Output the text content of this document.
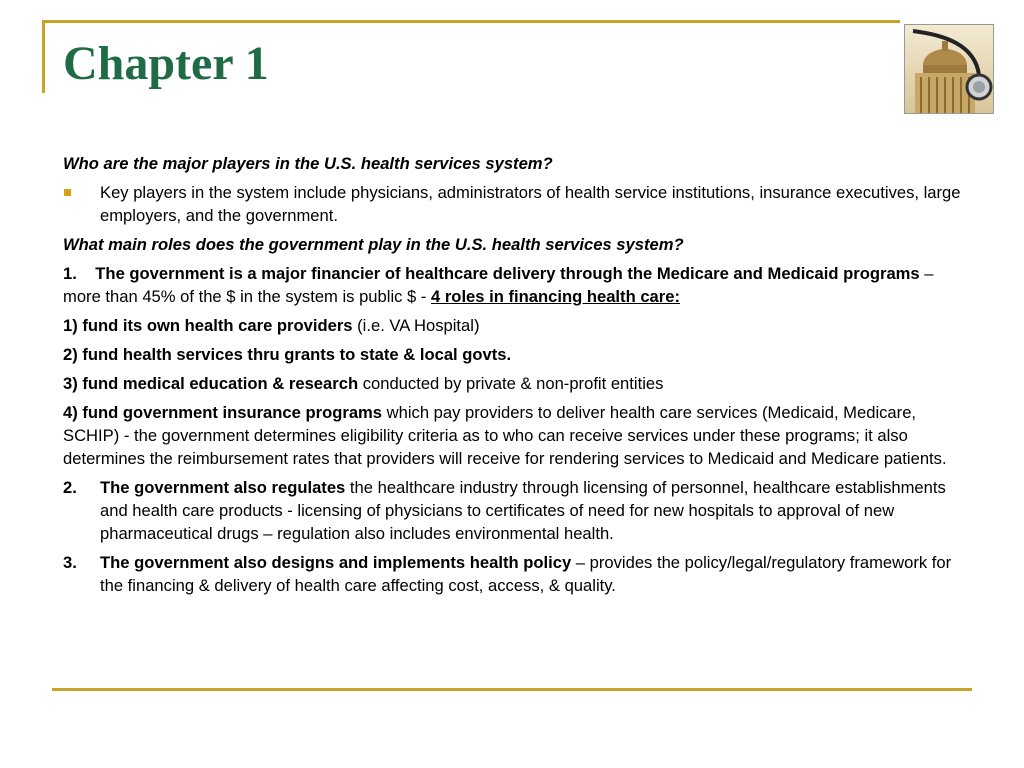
Chapter 1

Who are the major players in the U.S. health services system?

Key players in the system include physicians, administrators of health service institutions, insurance executives, large employers, and the government.

What main roles does the government play in the U.S. health services system?

1. The government is a major financier of healthcare delivery through the Medicare and Medicaid programs – more than 45% of the $ in the system is public $ - 4 roles in financing health care:

1) fund its own health care providers (i.e. VA Hospital)

2) fund health services thru grants to state & local govts.

3) fund medical education & research conducted by private & non-profit entities

4) fund government insurance programs which pay providers to deliver health care services (Medicaid, Medicare, SCHIP) - the government determines eligibility criteria as to who can receive services under these programs; it also determines the reimbursement rates that providers will receive for rendering services to Medicaid and Medicare patients.

2. The government also regulates the healthcare industry through licensing of personnel, healthcare establishments and health care products - licensing of physicians to certificates of need for new hospitals to approval of new pharmaceutical drugs – regulation also includes environmental health.
3. The government also designs and implements health policy – provides the policy/legal/regulatory framework for the financing & delivery of health care affecting cost, access, & quality.
